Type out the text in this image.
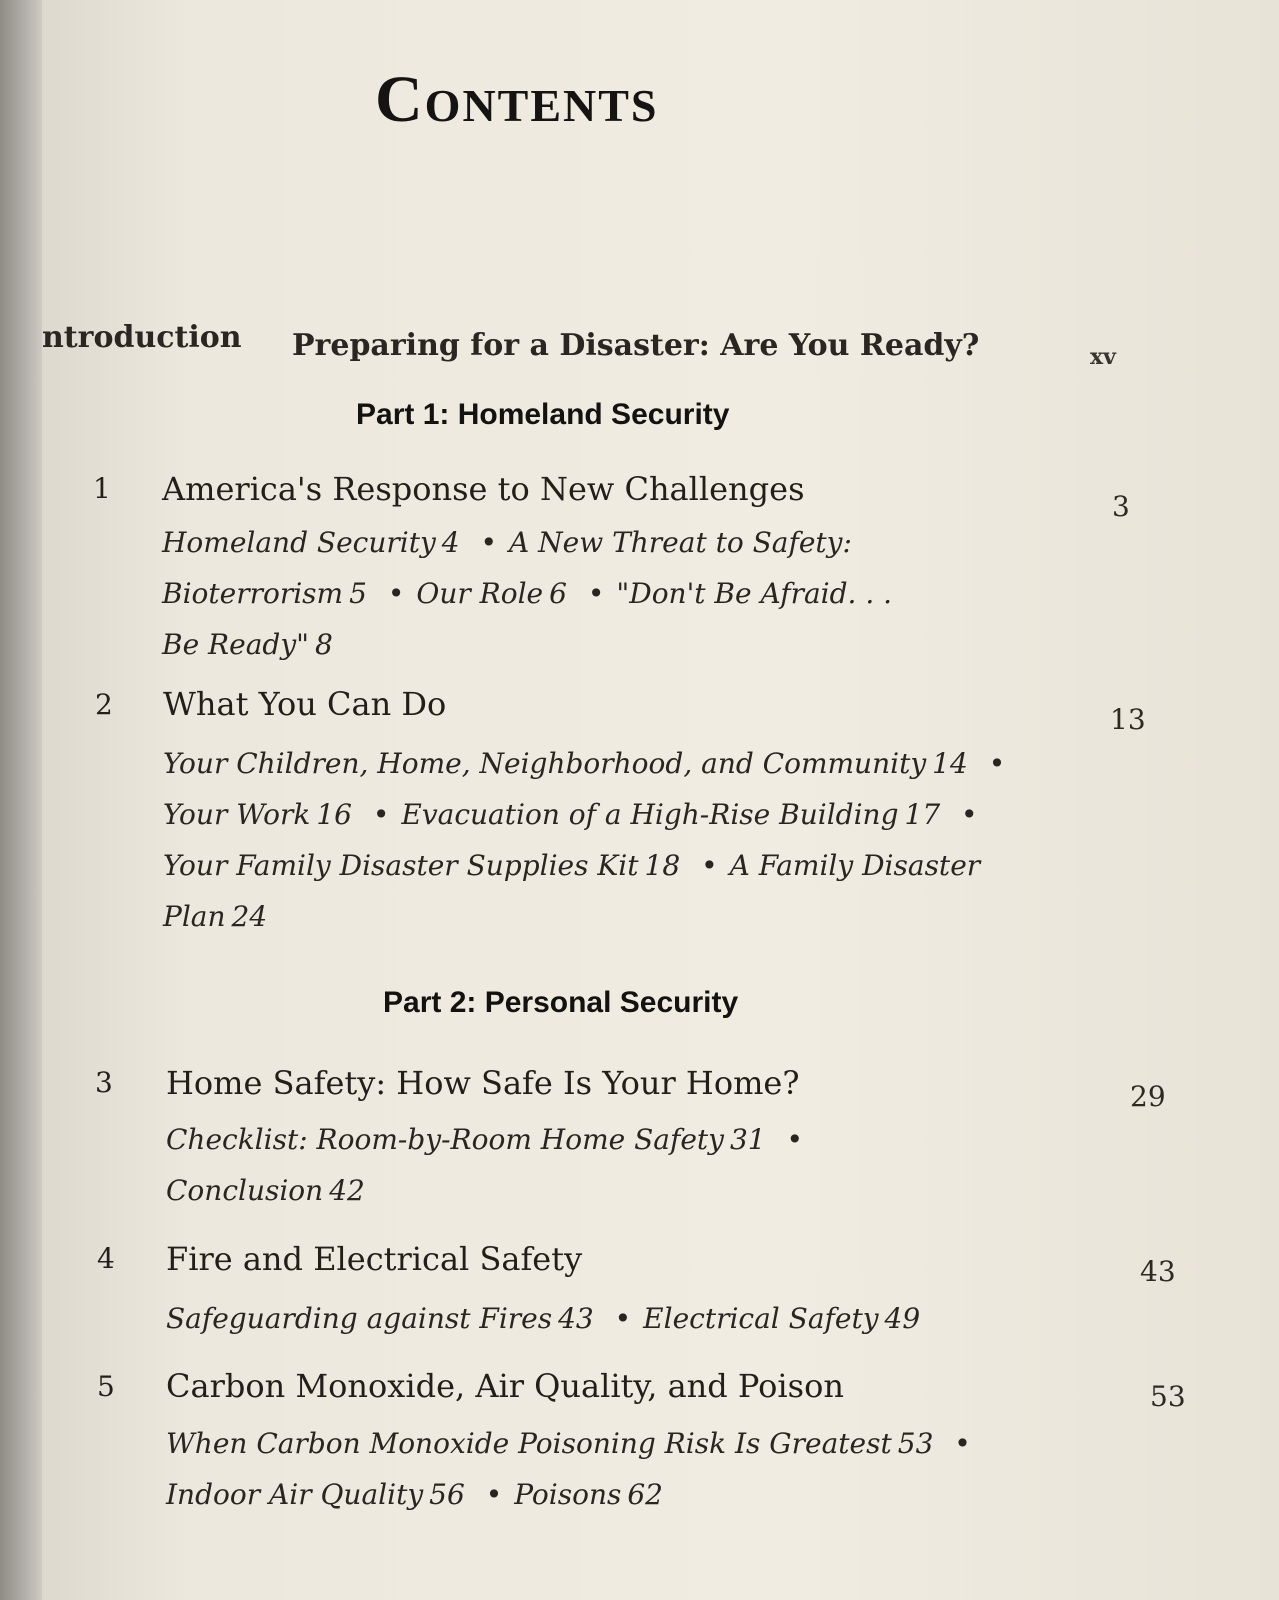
Contents
ntroduction Preparing for a Disaster: Are You Ready?	xv
Part 1: Homeland Security
1 America's Response to New Challenges	3
Homeland Security 4 • A New Threat to Safety:
Bioterrorism 5 • Our Role 6 • "Don't Be Afraid. . .
Be Ready" 8
2 What You Can Do	13
Your Children, Home, Neighborhood, and Community 14 •
Your Work 16 • Evacuation of a High-Rise Building 17 •
Your Family Disaster Supplies Kit 18 • A Family Disaster
Plan 24
Part 2: Personal Security
3 Home Safety: How Safe Is Your Home?	29
Checklist: Room-by-Room Home Safety 31 •
Conclusion 42
4 Fire and Electrical Safety	43
Safeguarding against Fires 43 • Electrical Safety 49
5 Carbon Monoxide, Air Quality, and Poison	53
When Carbon Monoxide Poisoning Risk Is Greatest 53 •
Indoor Air Quality 56 • Poisons 62
